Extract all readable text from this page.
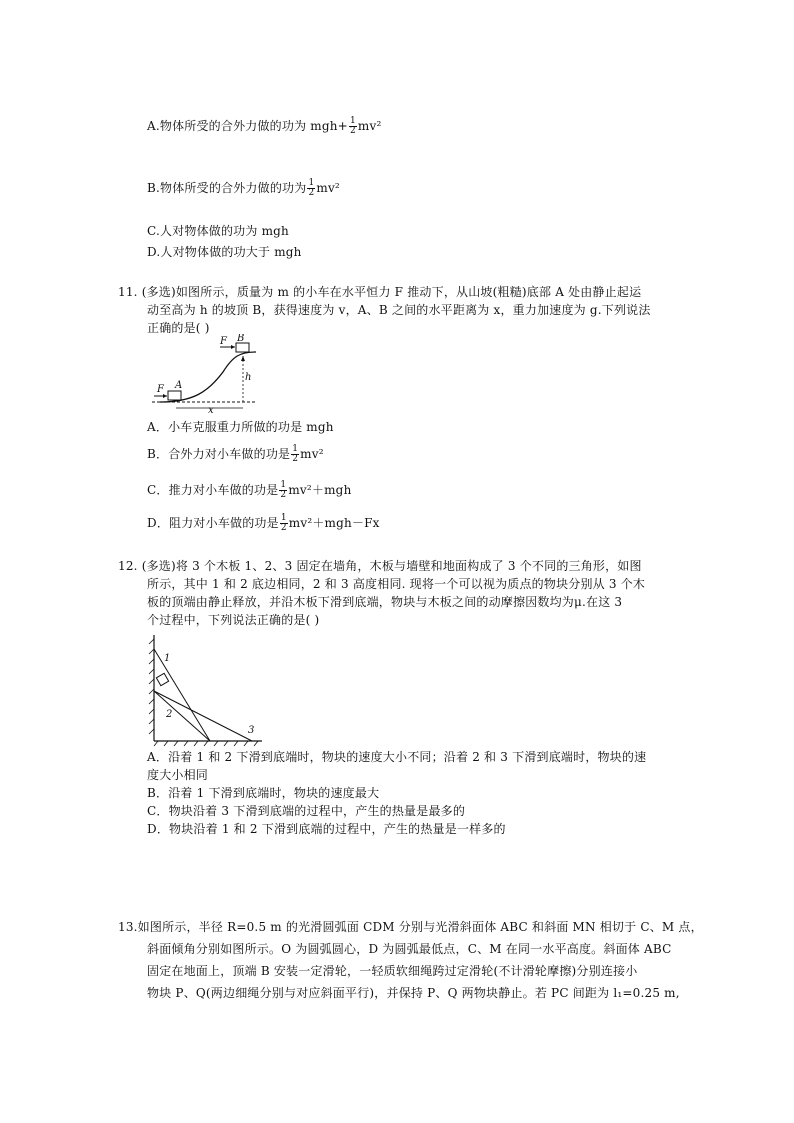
A.物体所受的合外力做的功为 $mgh+ \frac{1}{2} mv^2$
B.物体所受的合外力做的功为 $\frac{1}{2} mv^2$
C.人对物体做的功为 mgh
D.人对物体做的功大于 mgh
11. (多选)如图所示，质量为 m 的小车在水平恒力 F 推动下，从山坡(粗糙)底部 A 处由静止起运
动至高为 h 的坡顶 B，获得速度为 v，A、B 之间的水平距离为 x，重力加速度为 g.下列说法
正确的是( )
F
F
A
B
h
x
A．小车克服重力所做的功是 mgh
B．合外力对小车做的功是 $\frac{1}{2} mv^2$
C．推力对小车做的功是 $\frac{1}{2} mv^2+mgh$
D．阻力对小车做的功是 $\frac{1}{2} mv^2+mgh-Fx$
12. (多选)将 3 个木板 1、2、3 固定在墙角，木板与墙壁和地面构成了 3 个不同的三角形，如图
所示，其中 1 和 2 底边相同，2 和 3 高度相同. 现将一个可以视为质点的物块分别从 3 个木
板的顶端由静止释放，并沿木板下滑到底端，物块与木板之间的动摩擦因数均为μ.在这 3
个过程中，下列说法正确的是( )
1
2
3
A．沿着 1 和 2 下滑到底端时，物块的速度大小不同；沿着 2 和 3 下滑到底端时，物块的速
度大小相同
B．沿着 1 下滑到底端时，物块的速度最大
C．物块沿着 3 下滑到底端的过程中，产生的热量是最多的
D．物块沿着 1 和 2 下滑到底端的过程中，产生的热量是一样多的
13.如图所示，半径 R=0.5 m 的光滑圆弧面 CDM 分别与光滑斜面体 ABC 和斜面 MN 相切于 C、M 点，
斜面倾角分别如图所示。O 为圆弧圆心，D 为圆弧最低点，C、M 在同一水平高度。斜面体 ABC
固定在地面上，顶端 B 安装一定滑轮，一轻质软细绳跨过定滑轮(不计滑轮摩擦)分别连接小
物块 P、Q(两边细绳分别与对应斜面平行)，并保持 P、Q 两物块静止。若 PC 间距为 l₁=0.25 m,
